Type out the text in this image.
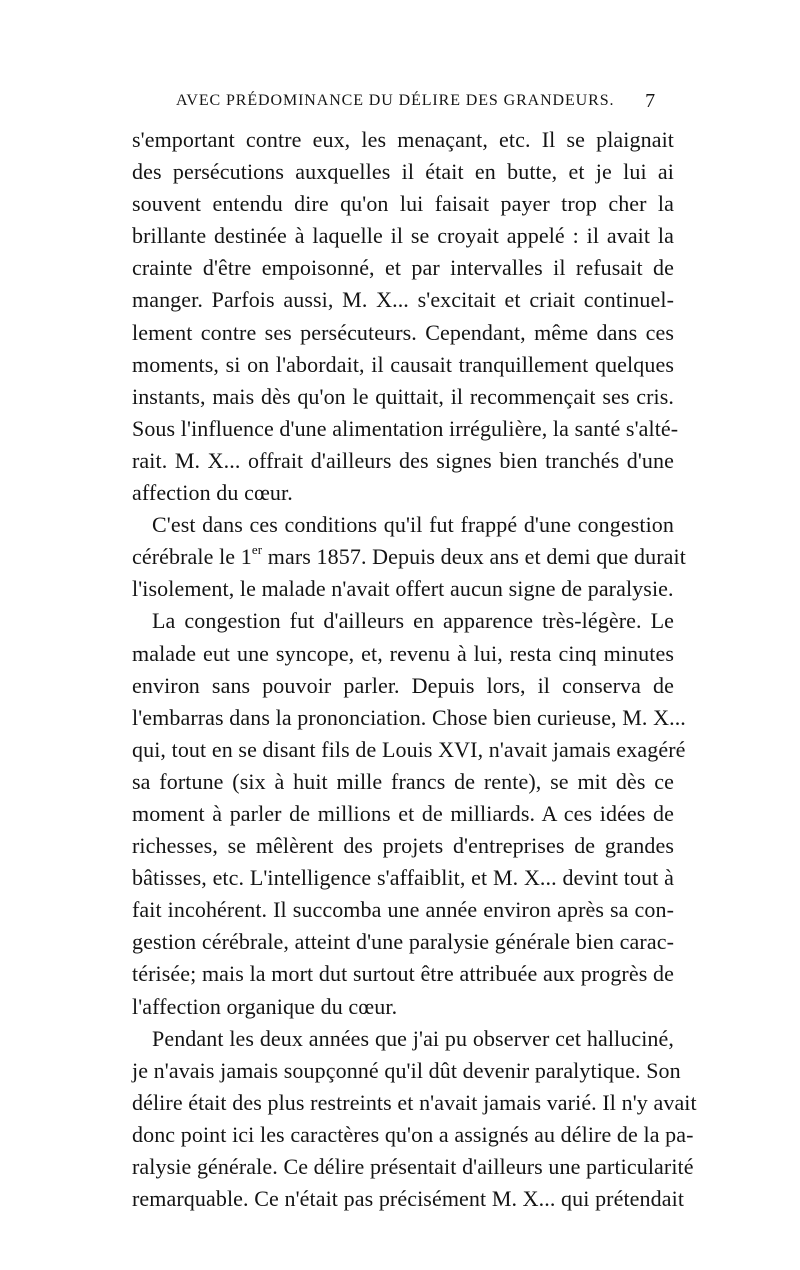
AVEC PRÉDOMINANCE DU DÉLIRE DES GRANDEURS. 7
s'emportant contre eux, les menaçant, etc. Il se plaignait
des persécutions auxquelles il était en butte, et je lui ai
souvent entendu dire qu'on lui faisait payer trop cher la
brillante destinée à laquelle il se croyait appelé : il avait la
crainte d'être empoisonné, et par intervalles il refusait de
manger. Parfois aussi, M. X... s'excitait et criait continuel-
lement contre ses persécuteurs. Cependant, même dans ces
moments, si on l'abordait, il causait tranquillement quelques
instants, mais dès qu'on le quittait, il recommençait ses cris.
Sous l'influence d'une alimentation irrégulière, la santé s'alté-
rait. M. X... offrait d'ailleurs des signes bien tranchés d'une
affection du cœur.
C'est dans ces conditions qu'il fut frappé d'une congestion
cérébrale le 1er mars 1857. Depuis deux ans et demi que durait
l'isolement, le malade n'avait offert aucun signe de paralysie.
La congestion fut d'ailleurs en apparence très-légère. Le
malade eut une syncope, et, revenu à lui, resta cinq minutes
environ sans pouvoir parler. Depuis lors, il conserva de
l'embarras dans la prononciation. Chose bien curieuse, M. X...
qui, tout en se disant fils de Louis XVI, n'avait jamais exagéré
sa fortune (six à huit mille francs de rente), se mit dès ce
moment à parler de millions et de milliards. A ces idées de
richesses, se mêlèrent des projets d'entreprises de grandes
bâtisses, etc. L'intelligence s'affaiblit, et M. X... devint tout à
fait incohérent. Il succomba une année environ après sa con-
gestion cérébrale, atteint d'une paralysie générale bien carac-
térisée; mais la mort dut surtout être attribuée aux progrès de
l'affection organique du cœur.
Pendant les deux années que j'ai pu observer cet halluciné,
je n'avais jamais soupçonné qu'il dût devenir paralytique. Son
délire était des plus restreints et n'avait jamais varié. Il n'y avait
donc point ici les caractères qu'on a assignés au délire de la pa-
ralysie générale. Ce délire présentait d'ailleurs une particularité
remarquable. Ce n'était pas précisément M. X... qui prétendait
